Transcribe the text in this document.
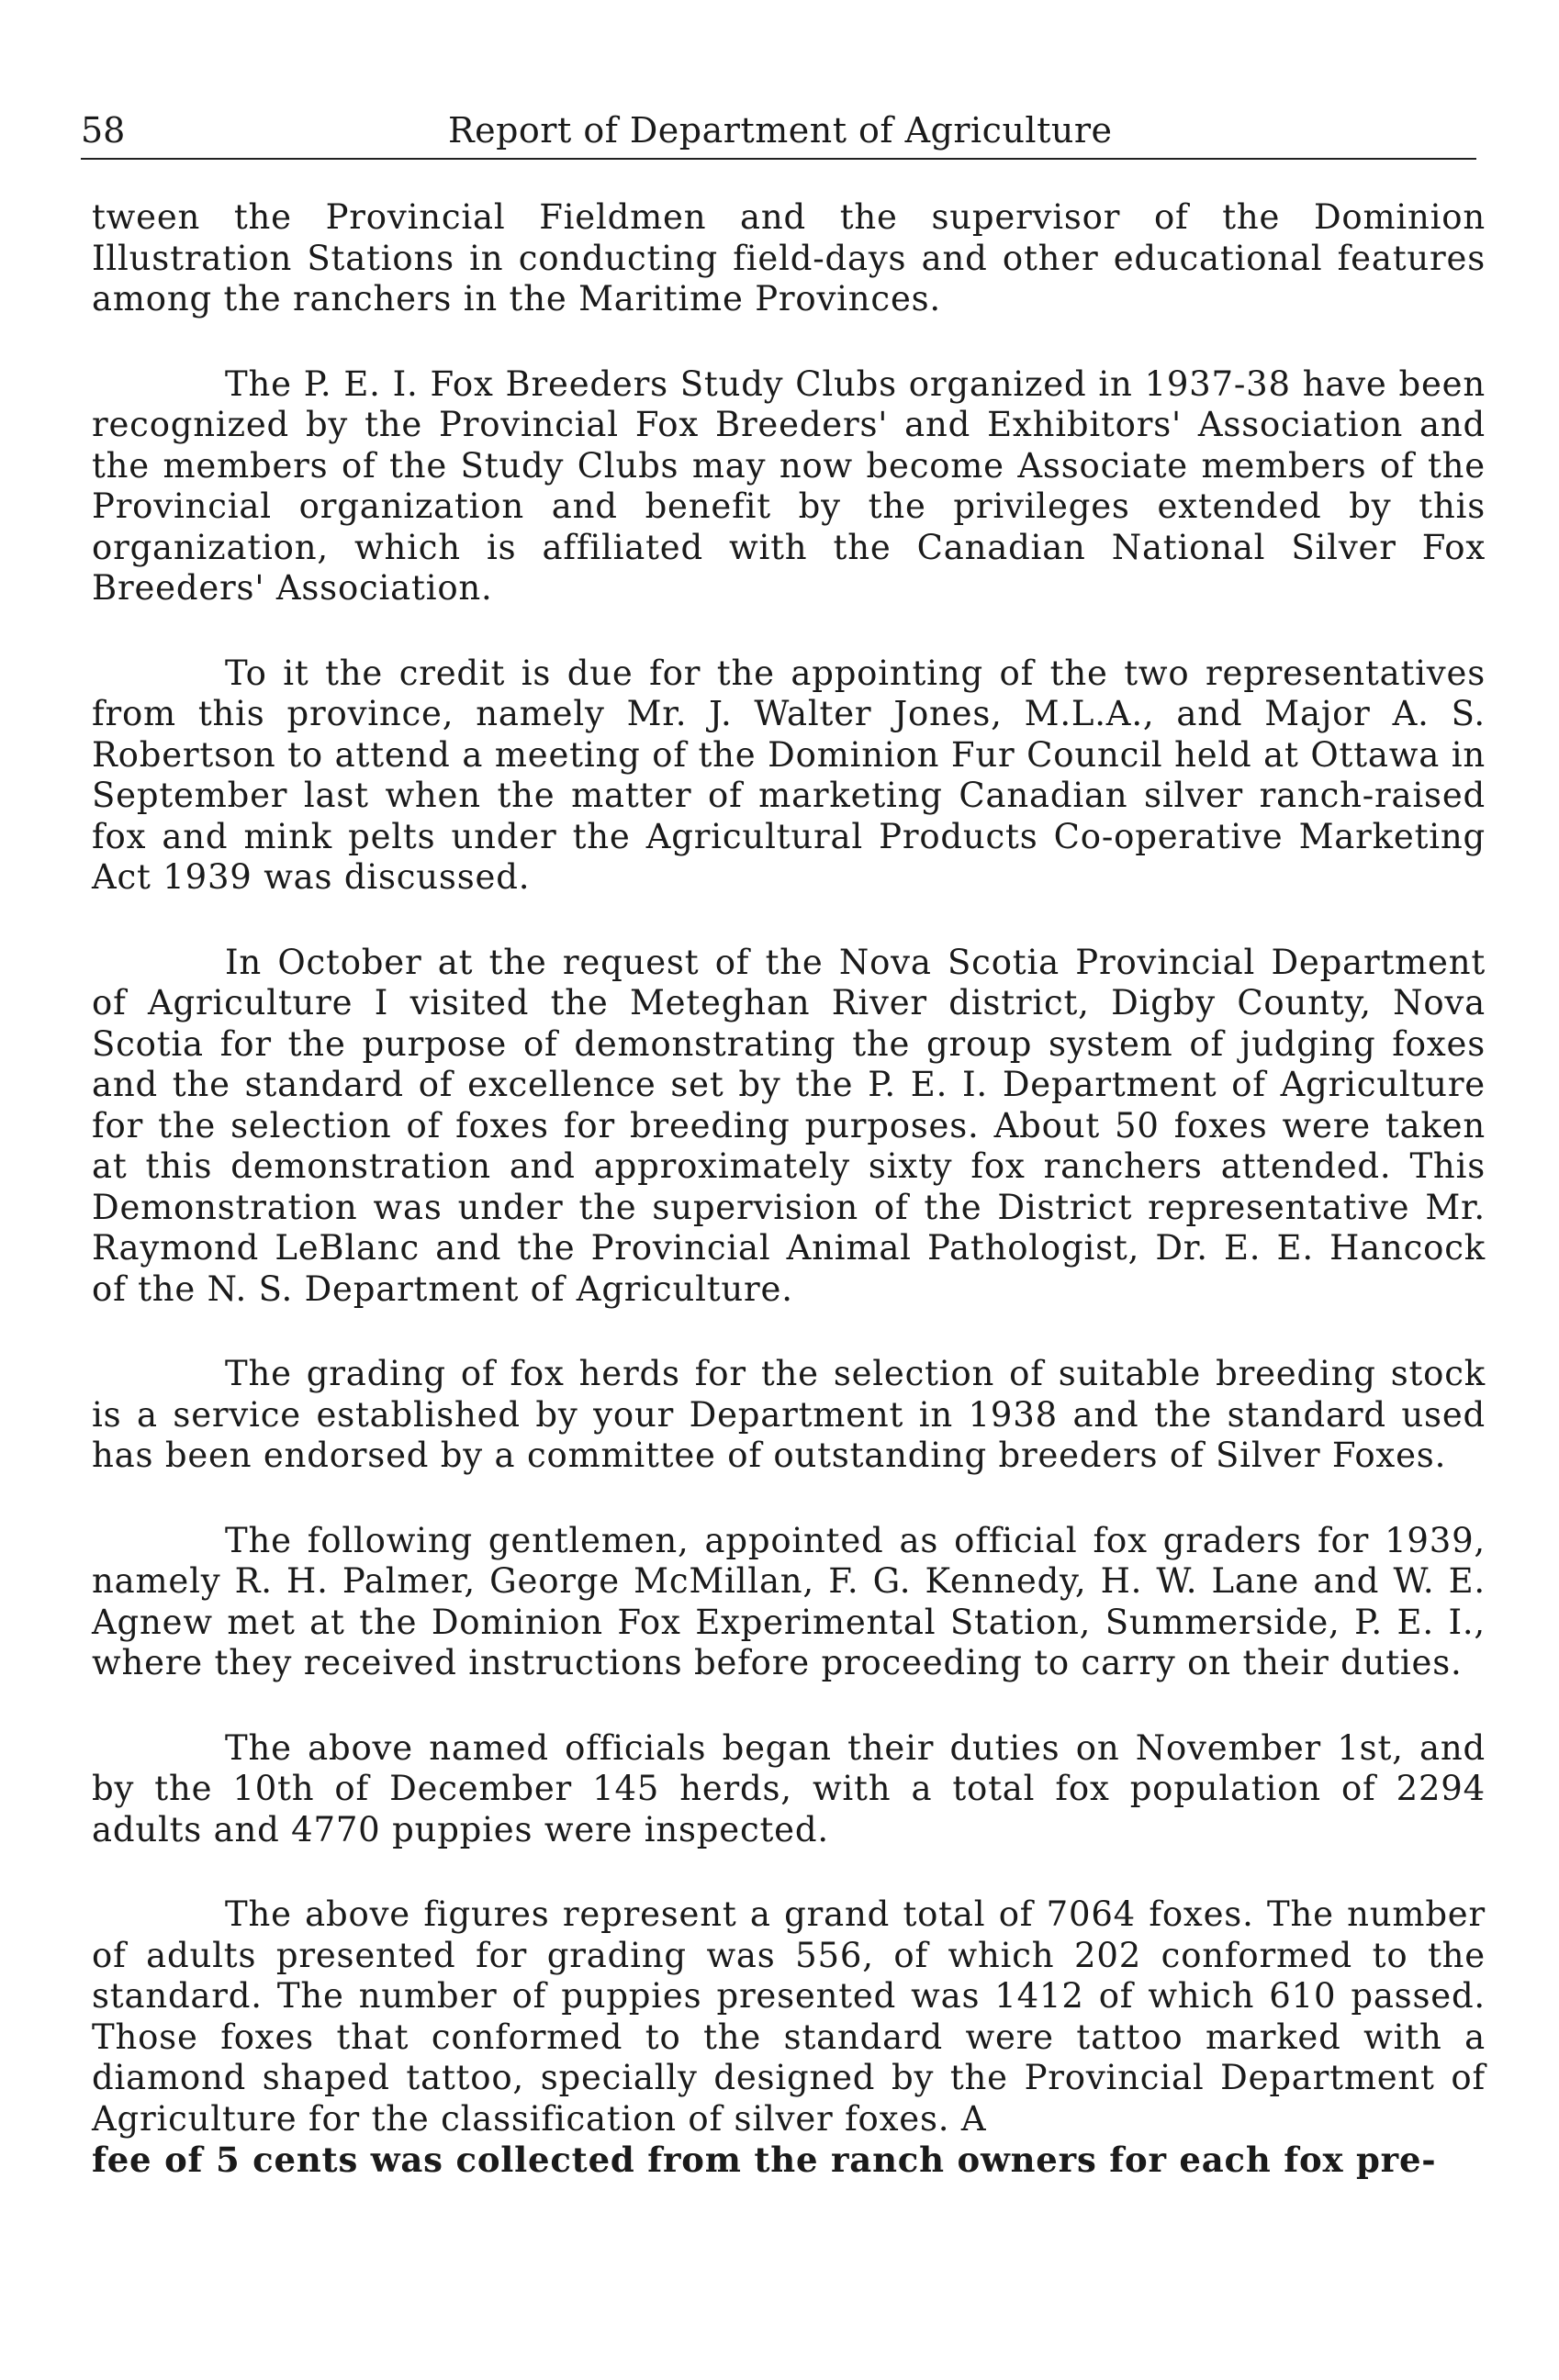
58	Report of Department of Agriculture

tween the Provincial Fieldmen and the supervisor of the Dominion Illustration Stations in conducting field-days and other educational features among the ranchers in the Maritime Provinces.

The P. E. I. Fox Breeders Study Clubs organized in 1937-38 have been recognized by the Provincial Fox Breeders' and Exhibitors' Association and the members of the Study Clubs may now become Associate members of the Provincial organization and benefit by the privileges extended by this organization, which is affiliated with the Canadian National Silver Fox Breeders' Association.

To it the credit is due for the appointing of the two representatives from this province, namely Mr. J. Walter Jones, M.L.A., and Major A. S. Robertson to attend a meeting of the Dominion Fur Council held at Ottawa in September last when the matter of marketing Canadian silver ranch-raised fox and mink pelts under the Agricultural Products Co-operative Marketing Act 1939 was discussed.

In October at the request of the Nova Scotia Provincial Department of Agriculture I visited the Meteghan River district, Digby County, Nova Scotia for the purpose of demonstrating the group system of judging foxes and the standard of excellence set by the P. E. I. Department of Agriculture for the selection of foxes for breeding purposes. About 50 foxes were taken at this demonstration and approximately sixty fox ranchers attended. This Demonstration was under the supervision of the District representative Mr. Raymond LeBlanc and the Provincial Animal Pathologist, Dr. E. E. Hancock of the N. S. Department of Agriculture.

The grading of fox herds for the selection of suitable breeding stock is a service established by your Department in 1938 and the standard used has been endorsed by a committee of outstanding breeders of Silver Foxes.

The following gentlemen, appointed as official fox graders for 1939, namely R. H. Palmer, George McMillan, F. G. Kennedy, H. W. Lane and W. E. Agnew met at the Dominion Fox Experimental Station, Summerside, P. E. I., where they received instructions before proceeding to carry on their duties.

The above named officials began their duties on November 1st, and by the 10th of December 145 herds, with a total fox population of 2294 adults and 4770 puppies were inspected.

The above figures represent a grand total of 7064 foxes. The number of adults presented for grading was 556, of which 202 conformed to the standard. The number of puppies presented was 1412 of which 610 passed. Those foxes that conformed to the standard were tattoo marked with a diamond shaped tattoo, specially designed by the Provincial Department of Agriculture for the classification of silver foxes. A
fee of 5 cents was collected from the ranch owners for each fox pre-
